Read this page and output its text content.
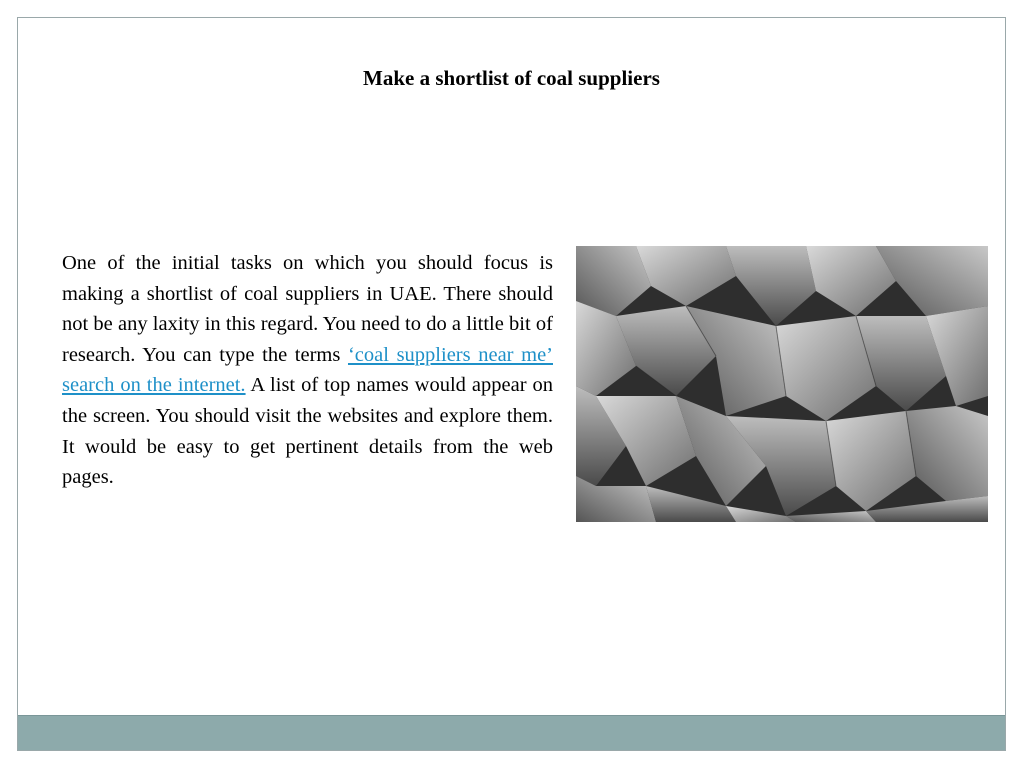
Make a shortlist of coal suppliers

One of the initial tasks on which you should focus is making a shortlist of coal suppliers in UAE. There should not be any laxity in this regard. You need to do a little bit of research. You can type the terms ‘coal suppliers near me’ search on the internet. A list of top names would appear on the screen. You should visit the websites and explore them. It would be easy to get pertinent details from the web pages.
